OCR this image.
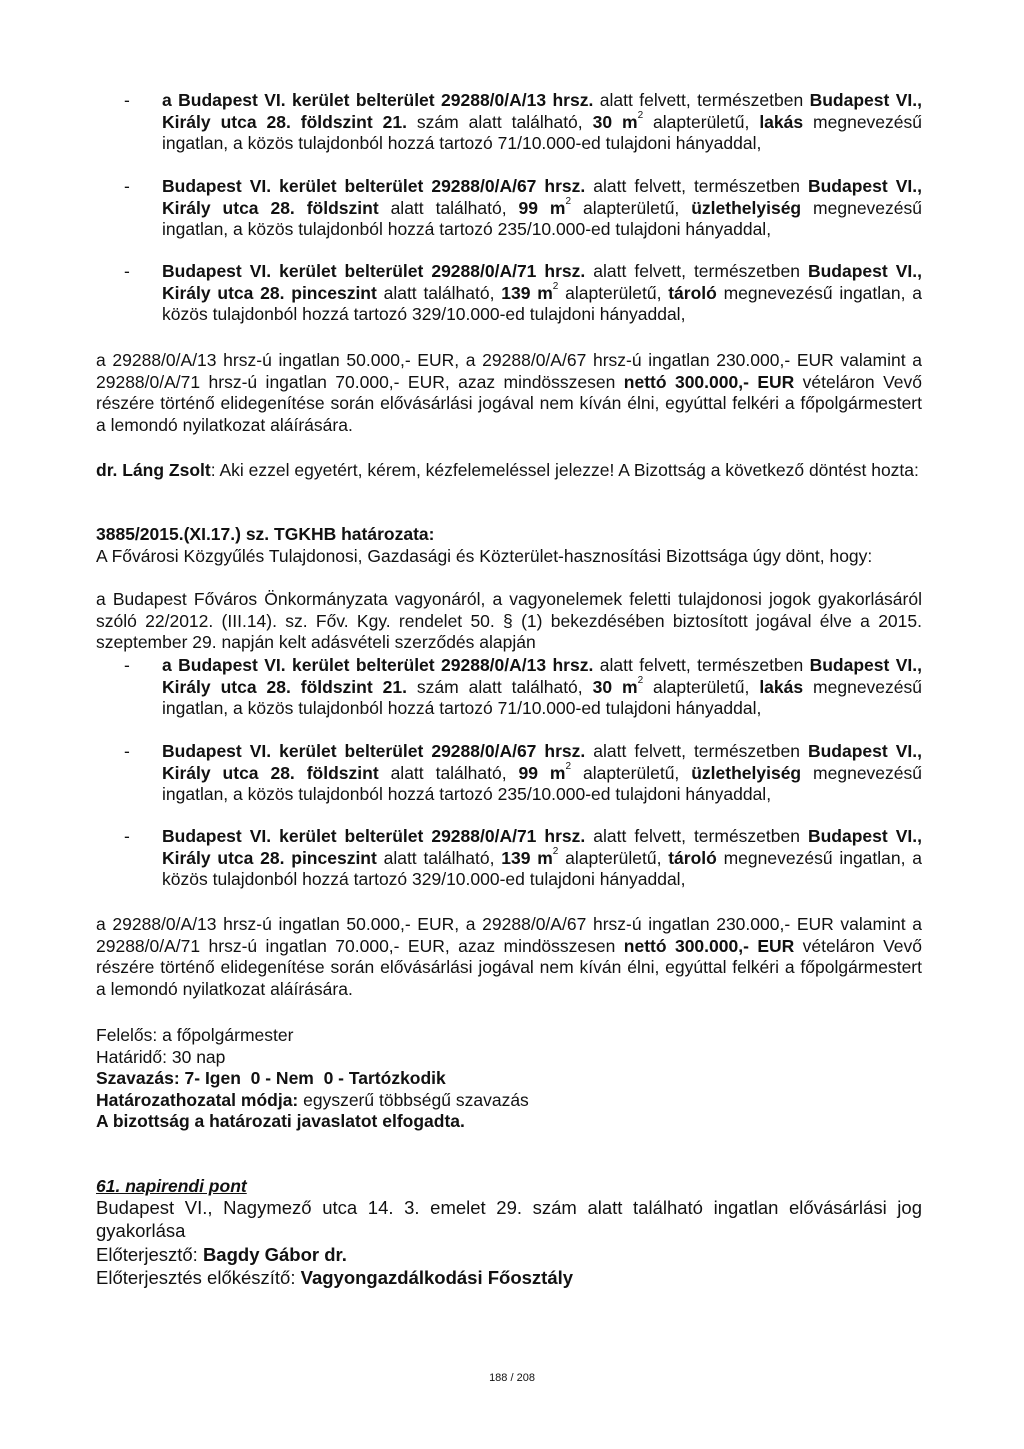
-	a Budapest VI. kerület belterület 29288/0/A/13 hrsz. alatt felvett, természetben Budapest VI., Király utca 28. földszint 21. szám alatt található, 30 $m^2$ alapterületű, lakás megnevezésű ingatlan, a közös tulajdonból hozzá tartozó 71/10.000-ed tulajdoni hányaddal,

-	Budapest VI. kerület belterület 29288/0/A/67 hrsz. alatt felvett, természetben Budapest VI., Király utca 28. földszint alatt található, 99 $m^2$ alapterületű, üzlethelyiség megnevezésű ingatlan, a közös tulajdonból hozzá tartozó 235/10.000-ed tulajdoni hányaddal,

-	Budapest VI. kerület belterület 29288/0/A/71 hrsz. alatt felvett, természetben Budapest VI., Király utca 28. pinceszint alatt található, 139 $m^2$ alapterületű, tároló megnevezésű ingatlan, a közös tulajdonból hozzá tartozó 329/10.000-ed tulajdoni hányaddal,

a 29288/0/A/13 hrsz-ú ingatlan 50.000,- EUR, a 29288/0/A/67 hrsz-ú ingatlan 230.000,- EUR valamint a 29288/0/A/71 hrsz-ú ingatlan 70.000,- EUR, azaz mindösszesen nettó 300.000,- EUR vételáron Vevő részére történő elidegenítése során elővásárlási jogával nem kíván élni, egyúttal felkéri a főpolgármestert a lemondó nyilatkozat aláírására.

dr. Láng Zsolt: Aki ezzel egyetért, kérem, kézfelemeléssel jelezze! A Bizottság a következő döntést hozta:

3885/2015.(XI.17.) sz. TGKHB határozata:

A Fővárosi Közgyűlés Tulajdonosi, Gazdasági és Közterület-hasznosítási Bizottsága úgy dönt, hogy:

a Budapest Főváros Önkormányzata vagyonáról, a vagyonelemek feletti tulajdonosi jogok gyakorlásáról szóló 22/2012. (III.14). sz. Főv. Kgy. rendelet 50. § (1) bekezdésében biztosított jogával élve a 2015. szeptember 29. napján kelt adásvételi szerződés alapján

-	a Budapest VI. kerület belterület 29288/0/A/13 hrsz. alatt felvett, természetben Budapest VI., Király utca 28. földszint 21. szám alatt található, 30 $m^2$ alapterületű, lakás megnevezésű ingatlan, a közös tulajdonból hozzá tartozó 71/10.000-ed tulajdoni hányaddal,

-	Budapest VI. kerület belterület 29288/0/A/67 hrsz. alatt felvett, természetben Budapest VI., Király utca 28. földszint alatt található, 99 $m^2$ alapterületű, üzlethelyiség megnevezésű ingatlan, a közös tulajdonból hozzá tartozó 235/10.000-ed tulajdoni hányaddal,

-	Budapest VI. kerület belterület 29288/0/A/71 hrsz. alatt felvett, természetben Budapest VI., Király utca 28. pinceszint alatt található, 139 $m^2$ alapterületű, tároló megnevezésű ingatlan, a közös tulajdonból hozzá tartozó 329/10.000-ed tulajdoni hányaddal,

a 29288/0/A/13 hrsz-ú ingatlan 50.000,- EUR, a 29288/0/A/67 hrsz-ú ingatlan 230.000,- EUR valamint a 29288/0/A/71 hrsz-ú ingatlan 70.000,- EUR, azaz mindösszesen nettó 300.000,- EUR vételáron Vevő részére történő elidegenítése során elővásárlási jogával nem kíván élni, egyúttal felkéri a főpolgármestert a lemondó nyilatkozat aláírására.

Felelős: a főpolgármester

Határidő: 30 nap

Szavazás: 7- Igen  0 - Nem  0 - Tartózkodik

Határozathozatal módja: egyszerű többségű szavazás

A bizottság a határozati javaslatot elfogadta.

61. napirendi pont

Budapest VI., Nagymező utca 14. 3. emelet 29. szám alatt található ingatlan elővásárlási jog gyakorlása

Előterjesztő: Bagdy Gábor dr.

Előterjesztés előkészítő: Vagyongazdálkodási Főosztály

188 / 208
